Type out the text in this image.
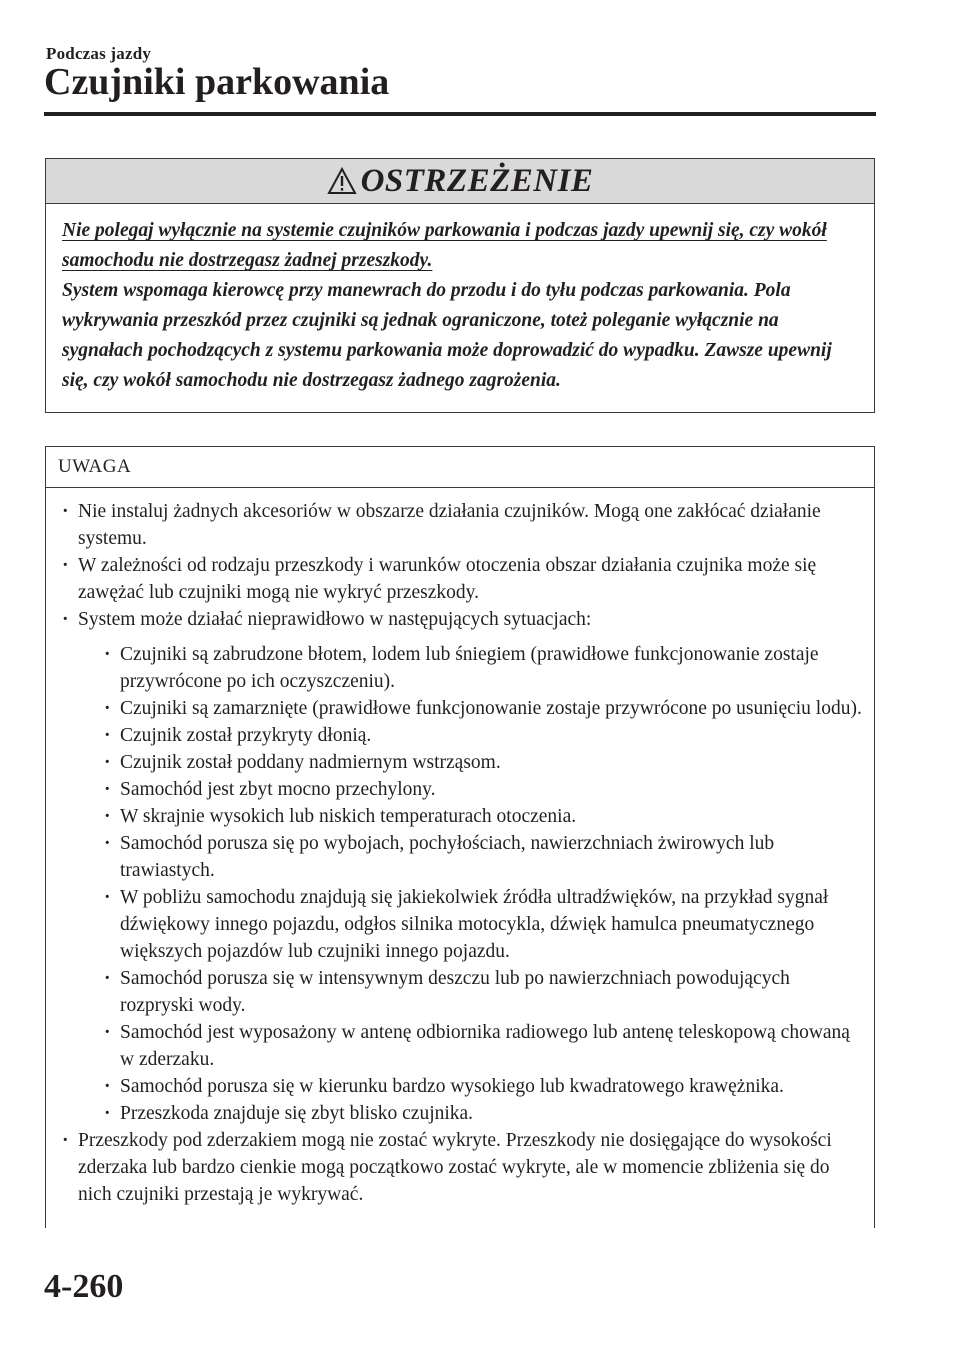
Podczas jazdy
Czujniki parkowania
OSTRZEŻENIE

Nie polegaj wyłącznie na systemie czujników parkowania i podczas jazdy upewnij się, czy wokół samochodu nie dostrzegasz żadnej przeszkody.

System wspomaga kierowcę przy manewrach do przodu i do tyłu podczas parkowania. Pola wykrywania przeszkód przez czujniki są jednak ograniczone, toteż poleganie wyłącznie na sygnałach pochodzących z systemu parkowania może doprowadzić do wypadku. Zawsze upewnij się, czy wokół samochodu nie dostrzegasz żadnego zagrożenia.

UWAGA
· Nie instaluj żadnych akcesoriów w obszarze działania czujników. Mogą one zakłócać działanie systemu.
· W zależności od rodzaju przeszkody i warunków otoczenia obszar działania czujnika może się zawężać lub czujniki mogą nie wykryć przeszkody.
· System może działać nieprawidłowo w następujących sytuacjach:
· Czujniki są zabrudzone błotem, lodem lub śniegiem (prawidłowe funkcjonowanie zostaje przywrócone po ich oczyszczeniu).
· Czujniki są zamarznięte (prawidłowe funkcjonowanie zostaje przywrócone po usunięciu lodu).
· Czujnik został przykryty dłonią.
· Czujnik został poddany nadmiernym wstrząsom.
· Samochód jest zbyt mocno przechylony.
· W skrajnie wysokich lub niskich temperaturach otoczenia.
· Samochód porusza się po wybojach, pochyłościach, nawierzchniach żwirowych lub trawiastych.
· W pobliżu samochodu znajdują się jakiekolwiek źródła ultradźwięków, na przykład sygnał dźwiękowy innego pojazdu, odgłos silnika motocykla, dźwięk hamulca pneumatycznego większych pojazdów lub czujniki innego pojazdu.
· Samochód porusza się w intensywnym deszczu lub po nawierzchniach powodujących rozpryski wody.
· Samochód jest wyposażony w antenę odbiornika radiowego lub antenę teleskopową chowaną w zderzaku.
· Samochód porusza się w kierunku bardzo wysokiego lub kwadratowego krawężnika.
· Przeszkoda znajduje się zbyt blisko czujnika.
· Przeszkody pod zderzakiem mogą nie zostać wykryte. Przeszkody nie dosięgające do wysokości zderzaka lub bardzo cienkie mogą początkowo zostać wykryte, ale w momencie zbliżenia się do nich czujniki przestają je wykrywać.
4-260
